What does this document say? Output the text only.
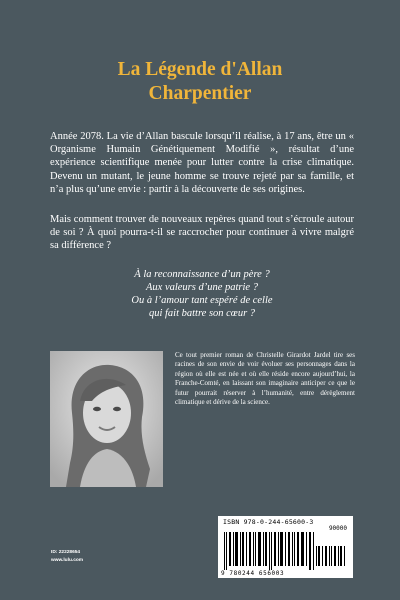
La Légende d'Allan
Charpentier

Année 2078. La vie d’Allan bascule lorsqu’il réalise, à 17 ans, être un « Organisme Humain Génétiquement Modifié », résultat d’une expérience scientifique menée pour lutter contre la crise climatique. Devenu un mutant, le jeune homme se trouve rejeté par sa famille, et n’a plus qu’une envie : partir à la découverte de ses origines.

Mais comment trouver de nouveaux repères quand tout s’écroule autour de soi ? À quoi pourra-t-il se raccrocher pour continuer à vivre malgré sa différence ?

À la reconnaissance d’un père ?
Aux valeurs d’une patrie ?
Ou à l’amour tant espéré de celle
qui fait battre son cœur ?

Ce tout premier roman de Christelle Girardot Jardel tire ses racines de son envie de voir évoluer ses personnages dans la région où elle est née et où elle réside encore aujourd’hui, la Franche-Comté, en laissant son imaginaire anticiper ce que le futur pourrait réserver à l’humanité, entre dérèglement climatique et dérive de la science.

ISBN 978-0-244-65600-3
90000
9 780244 656003
ID: 22228654
www.lulu.com
